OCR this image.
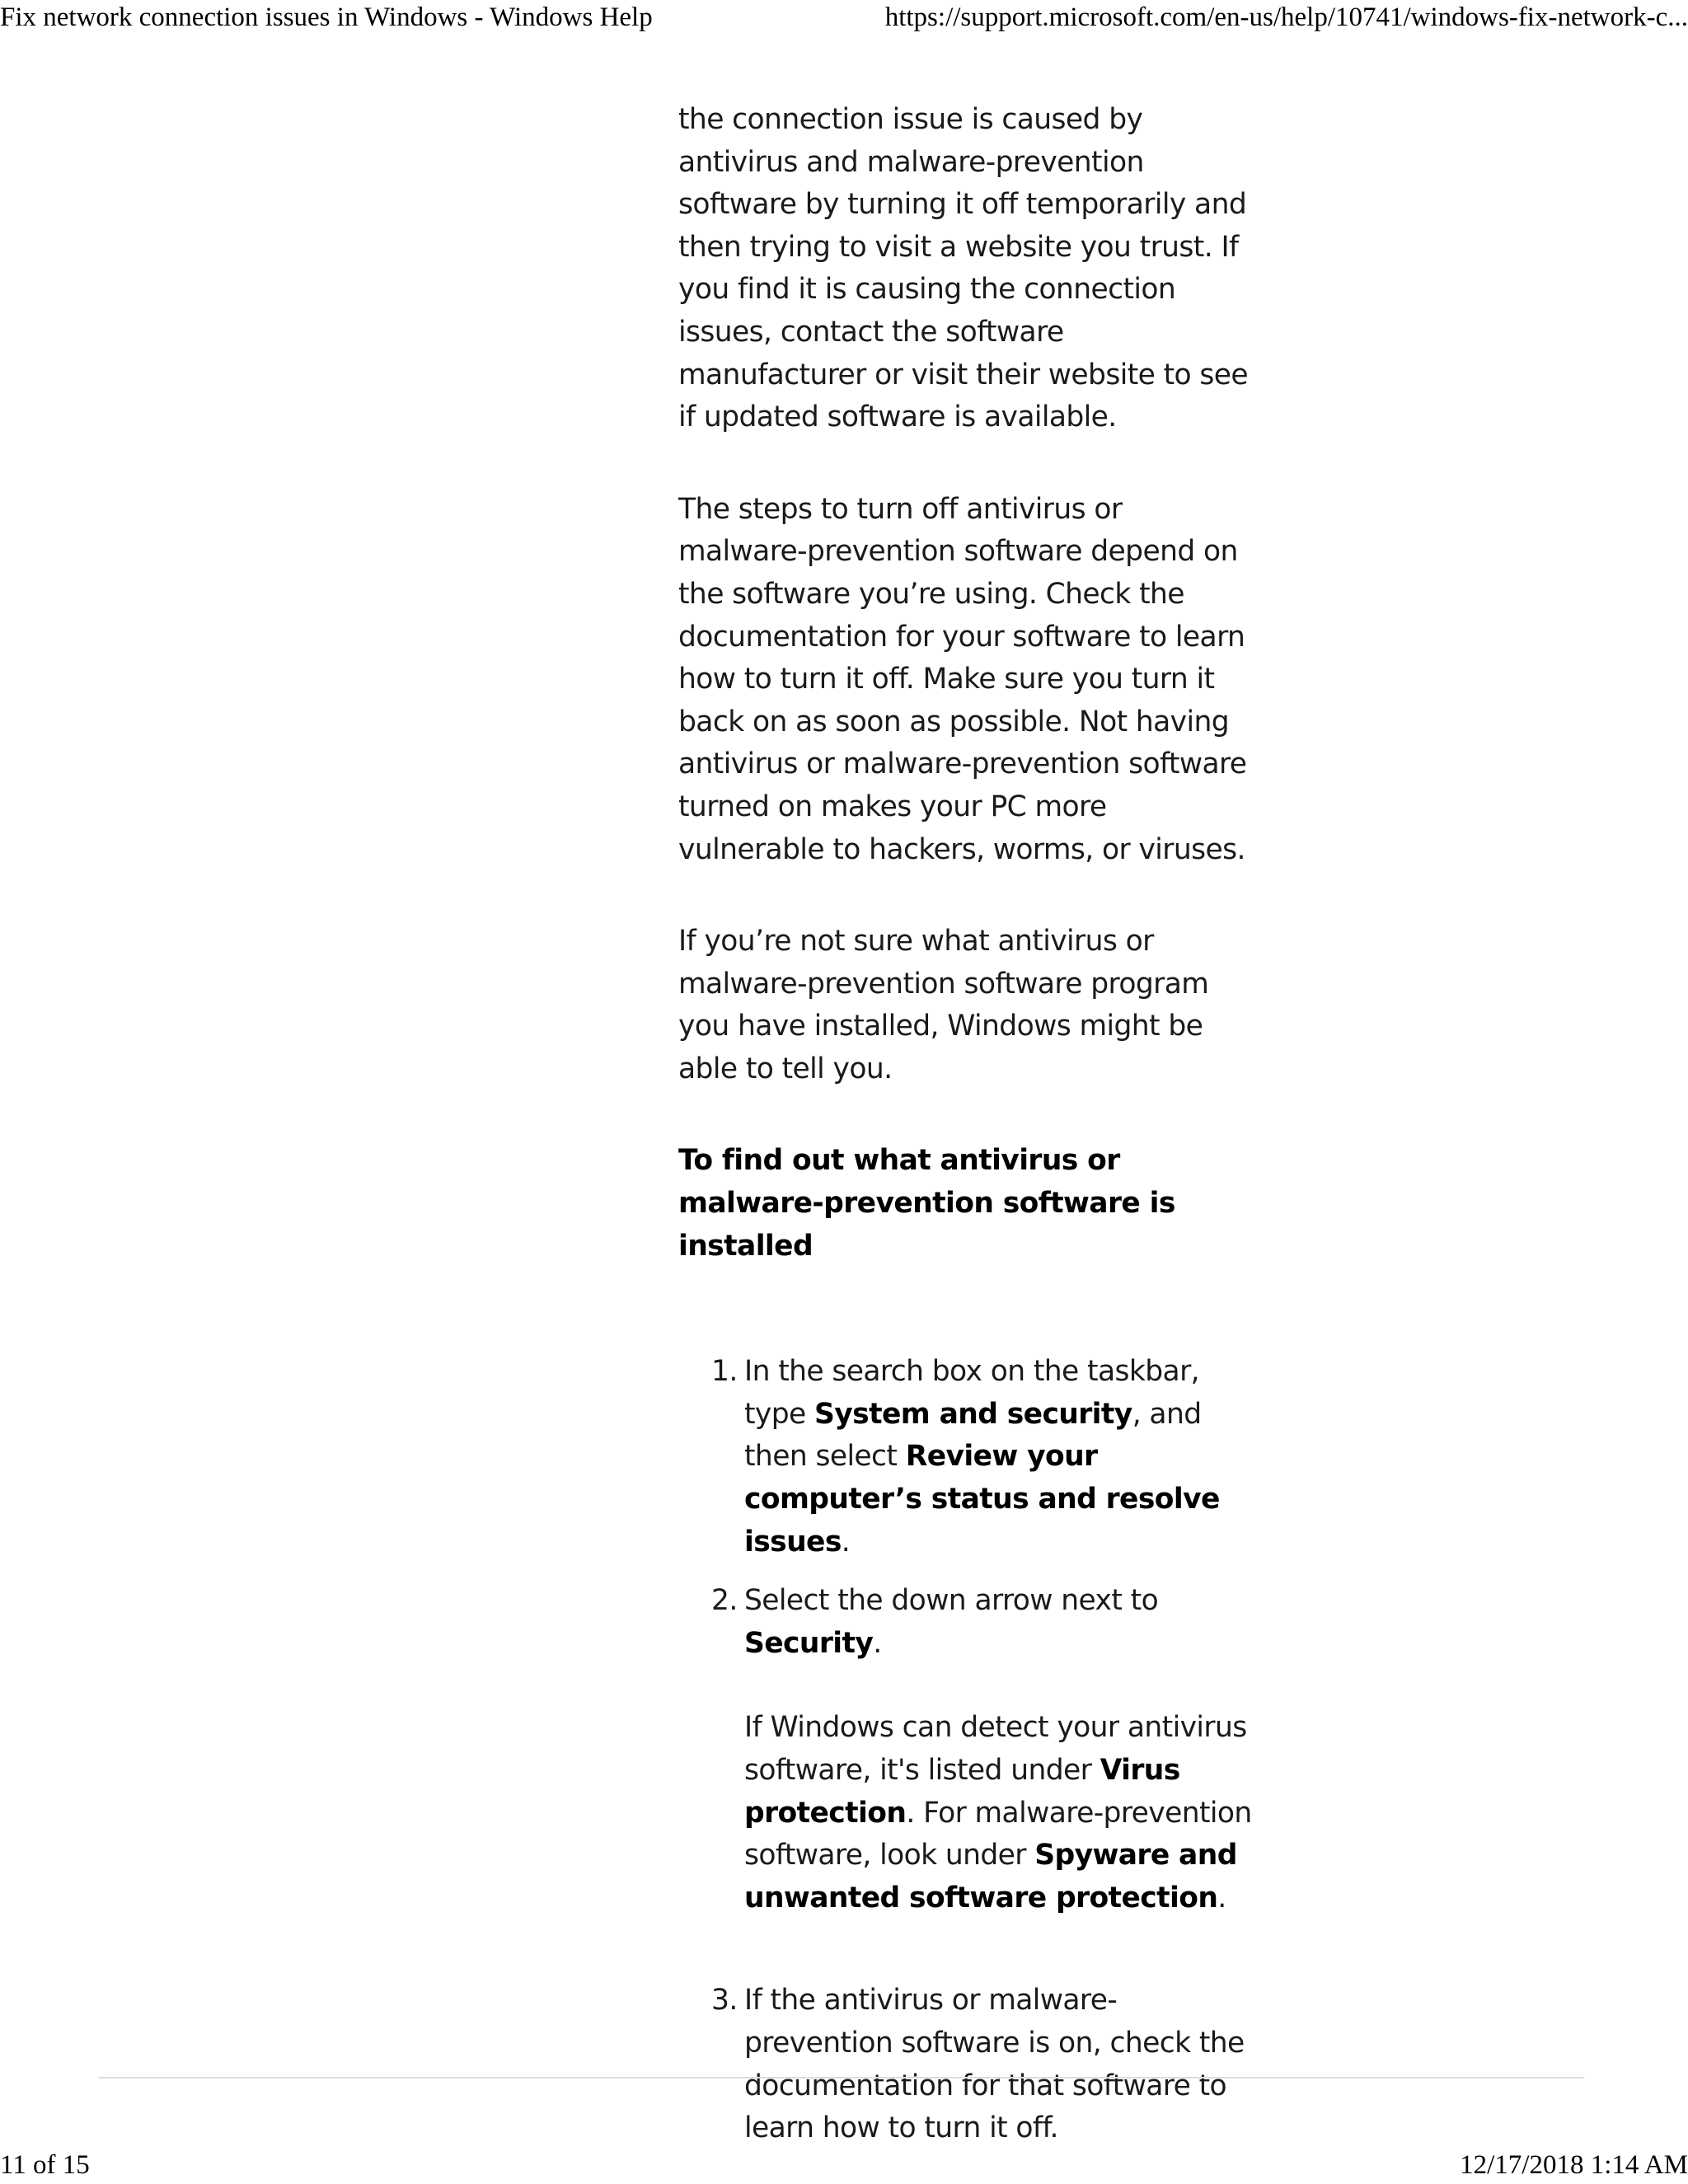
Fix network connection issues in Windows - Windows Help	https://support.microsoft.com/en-us/help/10741/windows-fix-network-c...

the connection issue is caused by antivirus and malware-prevention software by turning it off temporarily and then trying to visit a website you trust. If you find it is causing the connection issues, contact the software manufacturer or visit their website to see if updated software is available.

The steps to turn off antivirus or malware-prevention software depend on the software you’re using. Check the documentation for your software to learn how to turn it off. Make sure you turn it back on as soon as possible. Not having antivirus or malware-prevention software turned on makes your PC more vulnerable to hackers, worms, or viruses.

If you’re not sure what antivirus or malware-prevention software program you have installed, Windows might be able to tell you.

To find out what antivirus or malware-prevention software is installed
1. In the search box on the taskbar, type System and security, and then select Review your computer’s status and resolve issues.
2. Select the down arrow next to Security.

If Windows can detect your antivirus software, it's listed under Virus protection. For malware-prevention software, look under Spyware and unwanted software protection.

3. If the antivirus or malware-prevention software is on, check the documentation for that software to learn how to turn it off.
11 of 15	12/17/2018 1:14 AM
